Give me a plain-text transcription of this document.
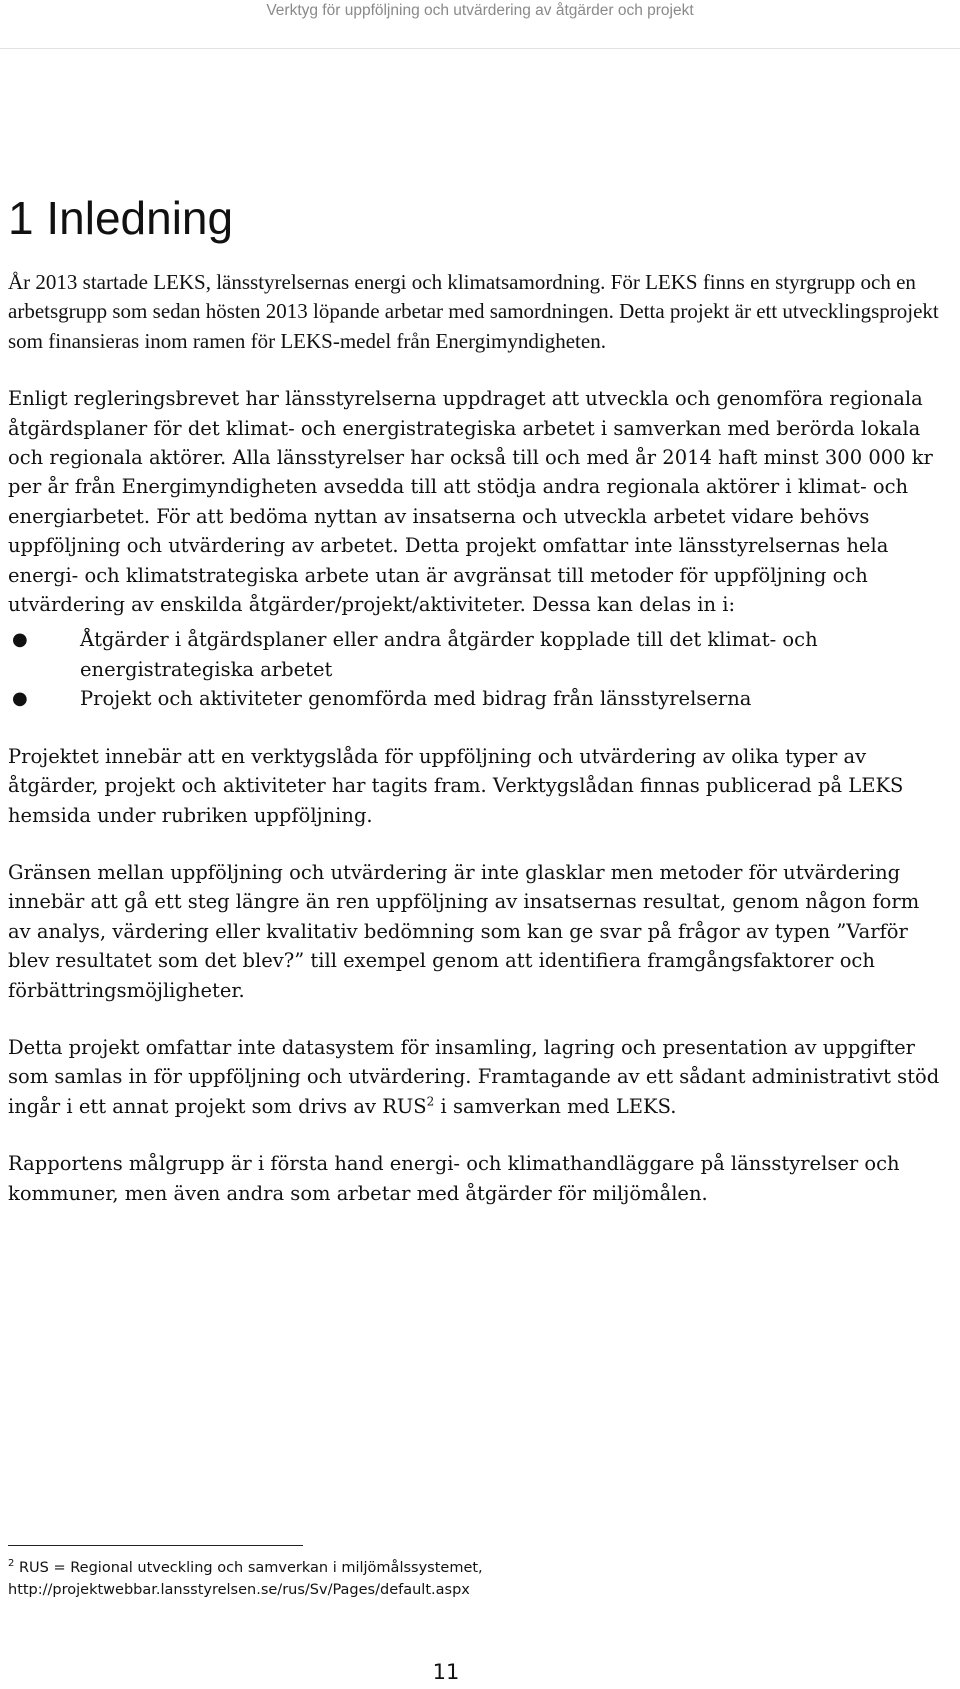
Verktyg för uppföljning och utvärdering av åtgärder och projekt
1 Inledning

År 2013 startade LEKS, länsstyrelsernas energi och klimatsamordning. För LEKS finns en styrgrupp och en arbetsgrupp som sedan hösten 2013 löpande arbetar med samordningen. Detta projekt är ett utvecklingsprojekt som finansieras inom ramen för LEKS-medel från Energimyndigheten.

Enligt regleringsbrevet har länsstyrelserna uppdraget att utveckla och genomföra regionala åtgärdsplaner för det klimat- och energistrategiska arbetet i samverkan med berörda lokala och regionala aktörer. Alla länsstyrelser har också till och med år 2014 haft minst 300 000 kr per år från Energimyndigheten avsedda till att stödja andra regionala aktörer i klimat- och energiarbetet. För att bedöma nyttan av insatserna och utveckla arbetet vidare behövs uppföljning och utvärdering av arbetet. Detta projekt omfattar inte länsstyrelsernas hela energi- och klimatstrategiska arbete utan är avgränsat till metoder för uppföljning och utvärdering av enskilda åtgärder/projekt/aktiviteter. Dessa kan delas in i:

●	Åtgärder i åtgärdsplaner eller andra åtgärder kopplade till det klimat- och energistrategiska arbetet
●	Projekt och aktiviteter genomförda med bidrag från länsstyrelserna

Projektet innebär att en verktygslåda för uppföljning och utvärdering av olika typer av åtgärder, projekt och aktiviteter har tagits fram. Verktygslådan finnas publicerad på LEKS hemsida under rubriken uppföljning.

Gränsen mellan uppföljning och utvärdering är inte glasklar men metoder för utvärdering innebär att gå ett steg längre än ren uppföljning av insatsernas resultat, genom någon form av analys, värdering eller kvalitativ bedömning som kan ge svar på frågor av typen ”Varför blev resultatet som det blev?” till exempel genom att identifiera framgångsfaktorer och förbättringsmöjligheter.

Detta projekt omfattar inte datasystem för insamling, lagring och presentation av uppgifter som samlas in för uppföljning och utvärdering. Framtagande av ett sådant administrativt stöd ingår i ett annat projekt som drivs av RUS$^2$ i samverkan med LEKS.

Rapportens målgrupp är i första hand energi- och klimathandläggare på länsstyrelser och kommuner, men även andra som arbetar med åtgärder för miljömålen.

$^2$ RUS = Regional utveckling och samverkan i miljömålssystemet,
http://projektwebbar.lansstyrelsen.se/rus/Sv/Pages/default.aspx
11
